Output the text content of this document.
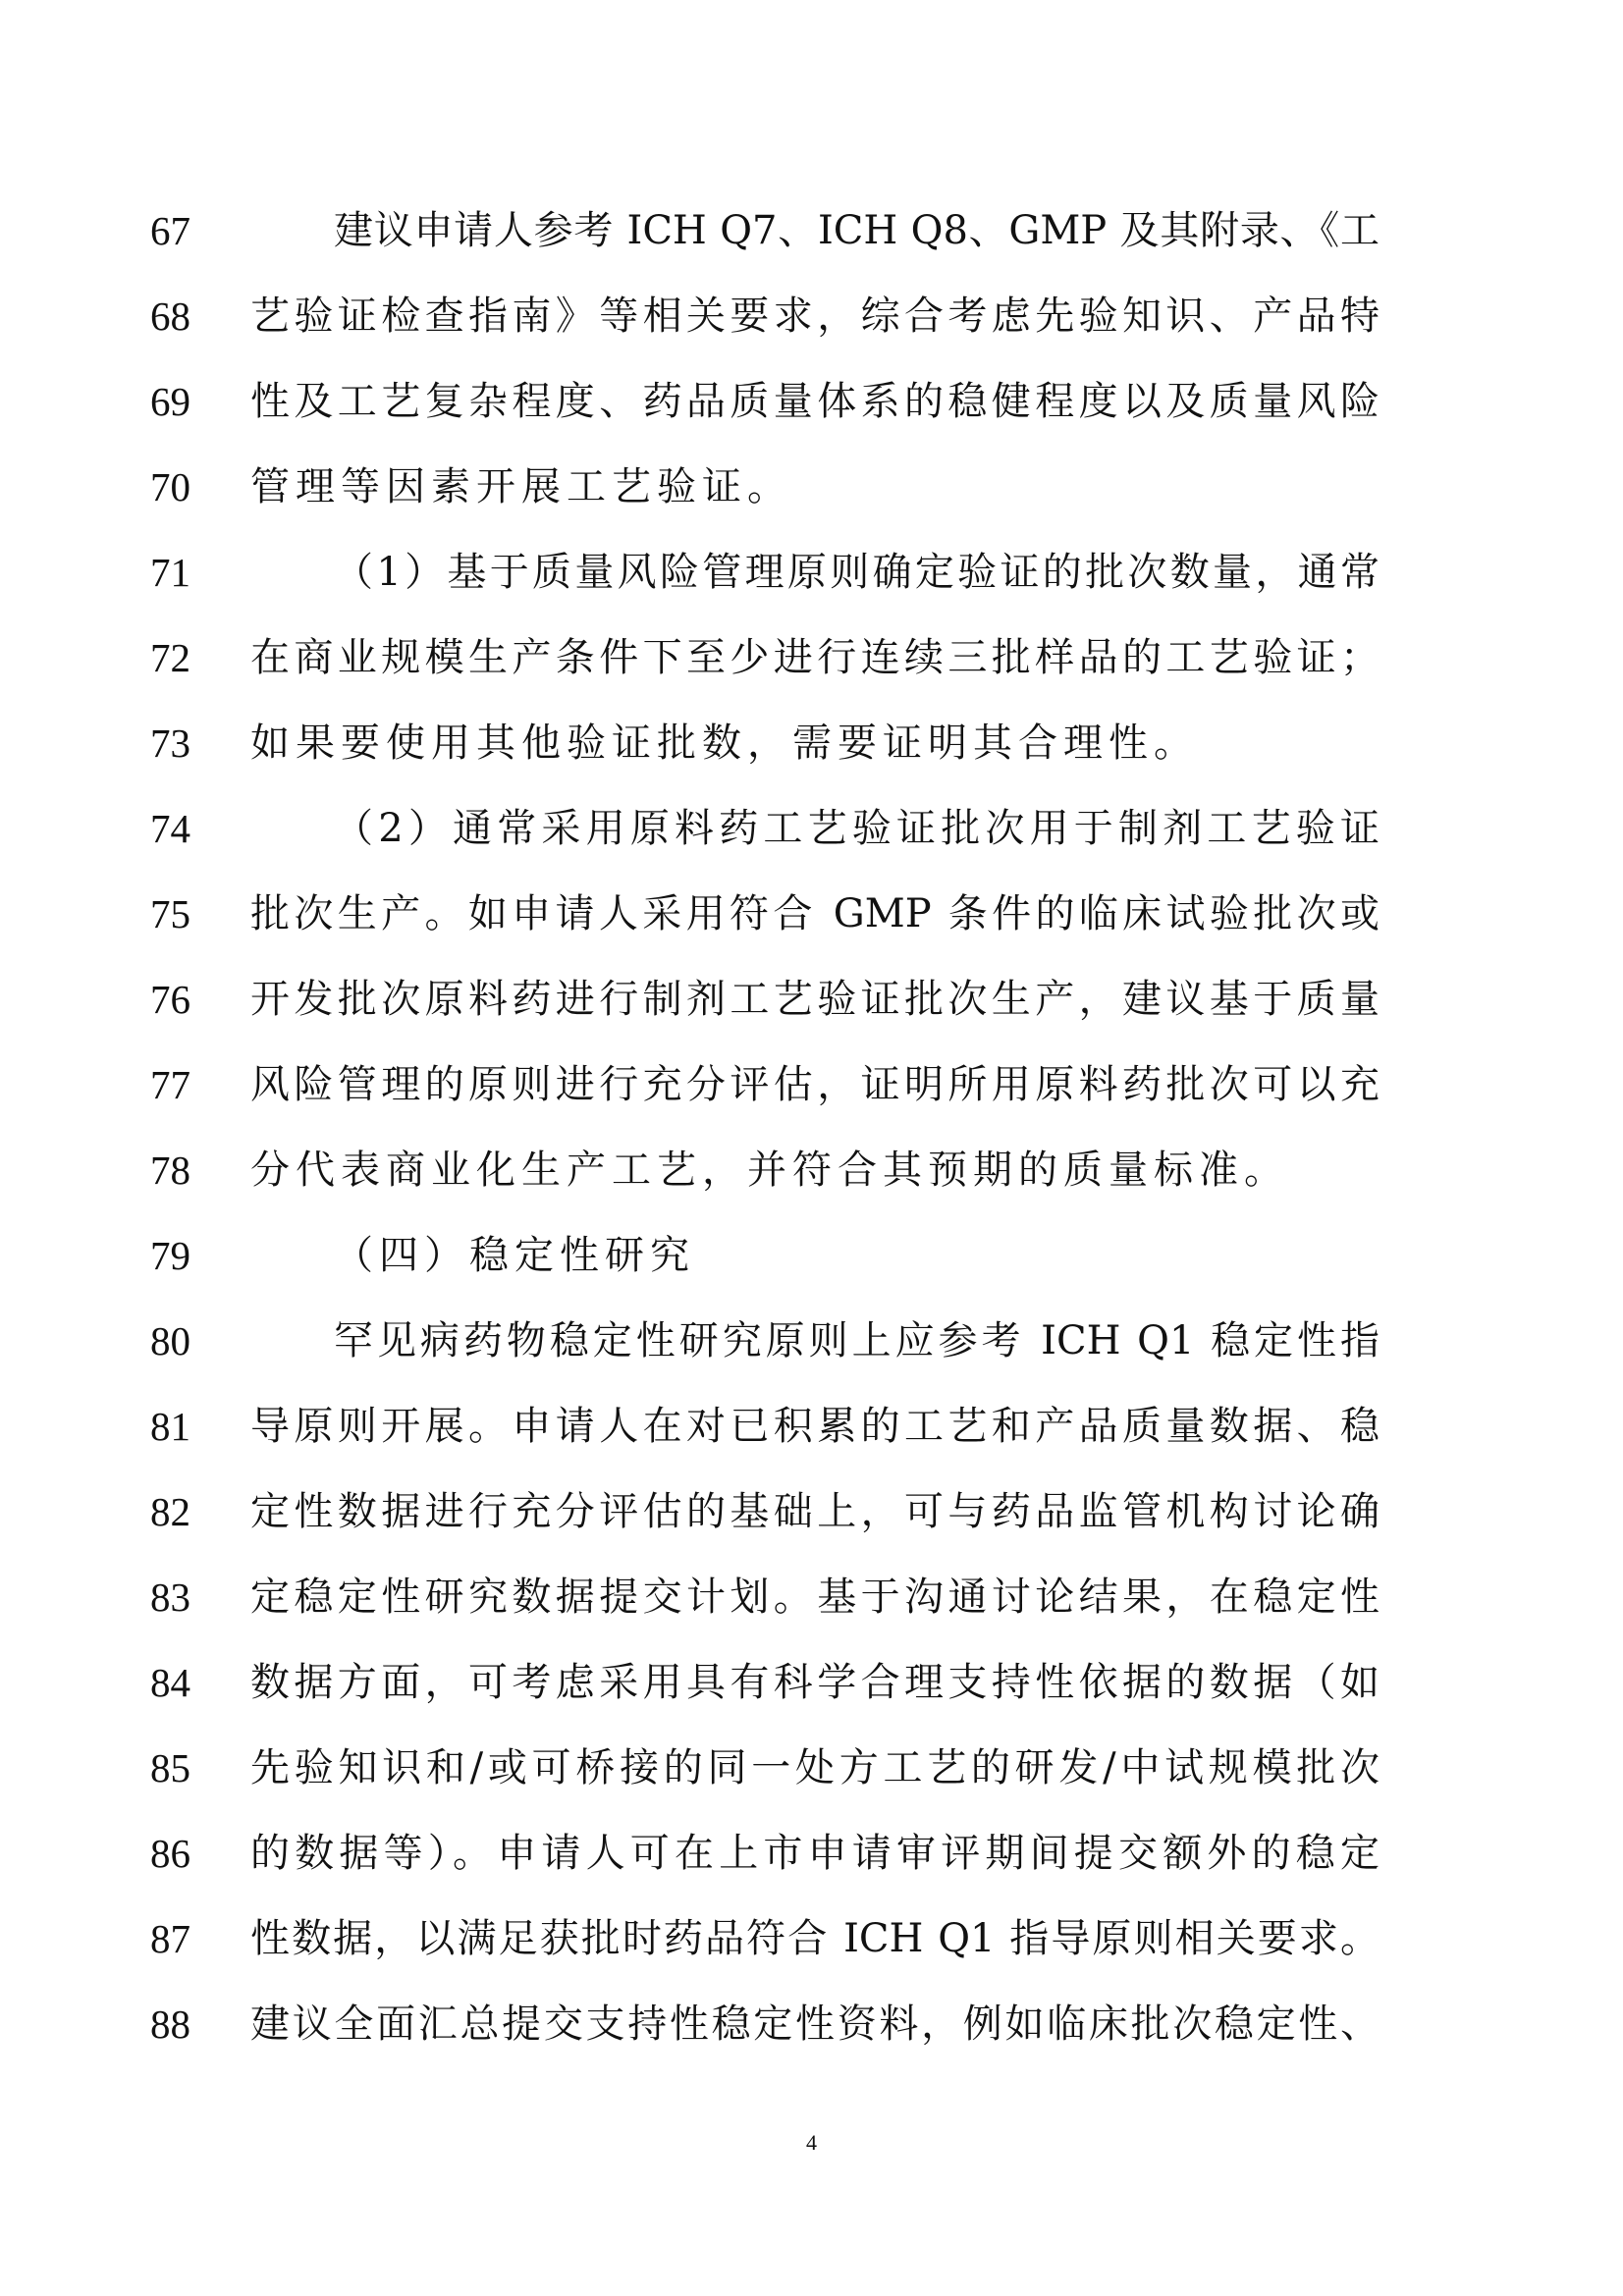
67	建议申请人参考 ICH Q7、ICH Q8、GMP 及其附录、《工
68 艺验证检查指南》等相关要求，综合考虑先验知识、产品特
69 性及工艺复杂程度、药品质量体系的稳健程度以及质量风险
70 管理等因素开展工艺验证。
71	（1）基于质量风险管理原则确定验证的批次数量，通常
72 在商业规模生产条件下至少进行连续三批样品的工艺验证；
73 如果要使用其他验证批数，需要证明其合理性。
74	（2）通常采用原料药工艺验证批次用于制剂工艺验证
75 批次生产。如申请人采用符合 GMP 条件的临床试验批次或
76 开发批次原料药进行制剂工艺验证批次生产，建议基于质量
77 风险管理的原则进行充分评估，证明所用原料药批次可以充
78 分代表商业化生产工艺，并符合其预期的质量标准。
79	（四）稳定性研究
80	罕见病药物稳定性研究原则上应参考 ICH Q1 稳定性指
81 导原则开展。申请人在对已积累的工艺和产品质量数据、稳
82 定性数据进行充分评估的基础上，可与药品监管机构讨论确
83 定稳定性研究数据提交计划。基于沟通讨论结果，在稳定性
84 数据方面，可考虑采用具有科学合理支持性依据的数据（如
85 先验知识和/或可桥接的同一处方工艺的研发/中试规模批次
86 的数据等）。申请人可在上市申请审评期间提交额外的稳定
87 性数据，以满足获批时药品符合 ICH Q1 指导原则相关要求。
88 建议全面汇总提交支持性稳定性资料，例如临床批次稳定性、
4
